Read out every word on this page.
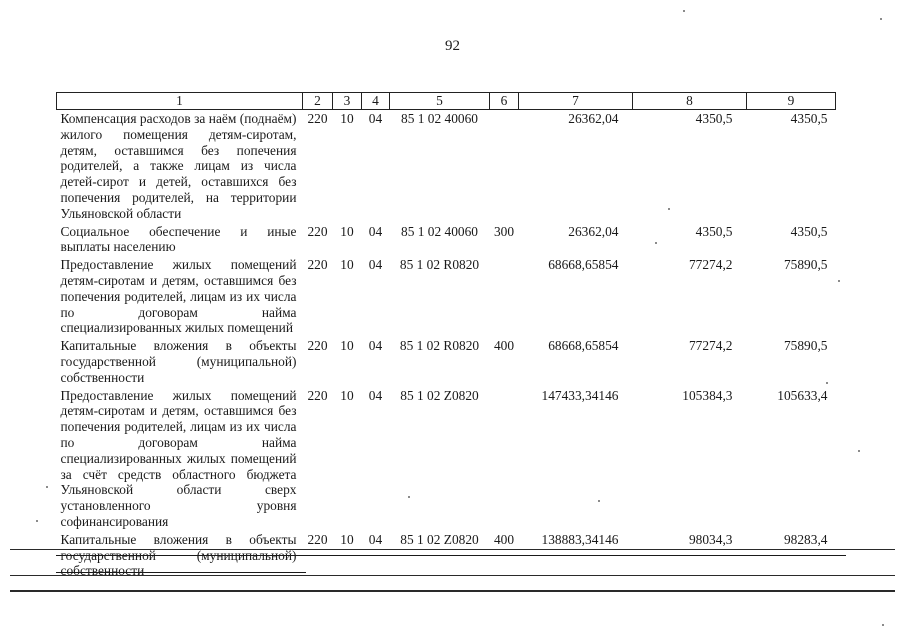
92
1	2	3	4	5	6	7	8	9
Компенсация расходов за наём (поднаём) жилого помещения детям-сиротам, детям, оставшимся без попечения родителей, а также лицам из числа детей-сирот и детей, оставшихся без попечения родителей, на территории Ульяновской области	220	10	04	85 1 02 40060		26362,04	4350,5	4350,5
Социальное обеспечение и иные выплаты населению	220	10	04	85 1 02 40060	300	26362,04	4350,5	4350,5
Предоставление жилых помещений детям-сиротам и детям, оставшимся без попечения родителей, лицам из их числа по договорам найма специализированных жилых помещений	220	10	04	85 1 02 R0820		68668,65854	77274,2	75890,5
Капитальные вложения в объекты государственной (муниципальной) собственности	220	10	04	85 1 02 R0820	400	68668,65854	77274,2	75890,5
Предоставление жилых помещений детям-сиротам и детям, оставшимся без попечения родителей, лицам из их числа по договорам найма специализированных жилых помещений за счёт средств областного бюджета Ульяновской области сверх установленного уровня софинансирования	220	10	04	85 1 02 Z0820		147433,34146	105384,3	105633,4
Капитальные вложения в объекты государственной (муниципальной) собственности	220	10	04	85 1 02 Z0820	400	138883,34146	98034,3	98283,4
